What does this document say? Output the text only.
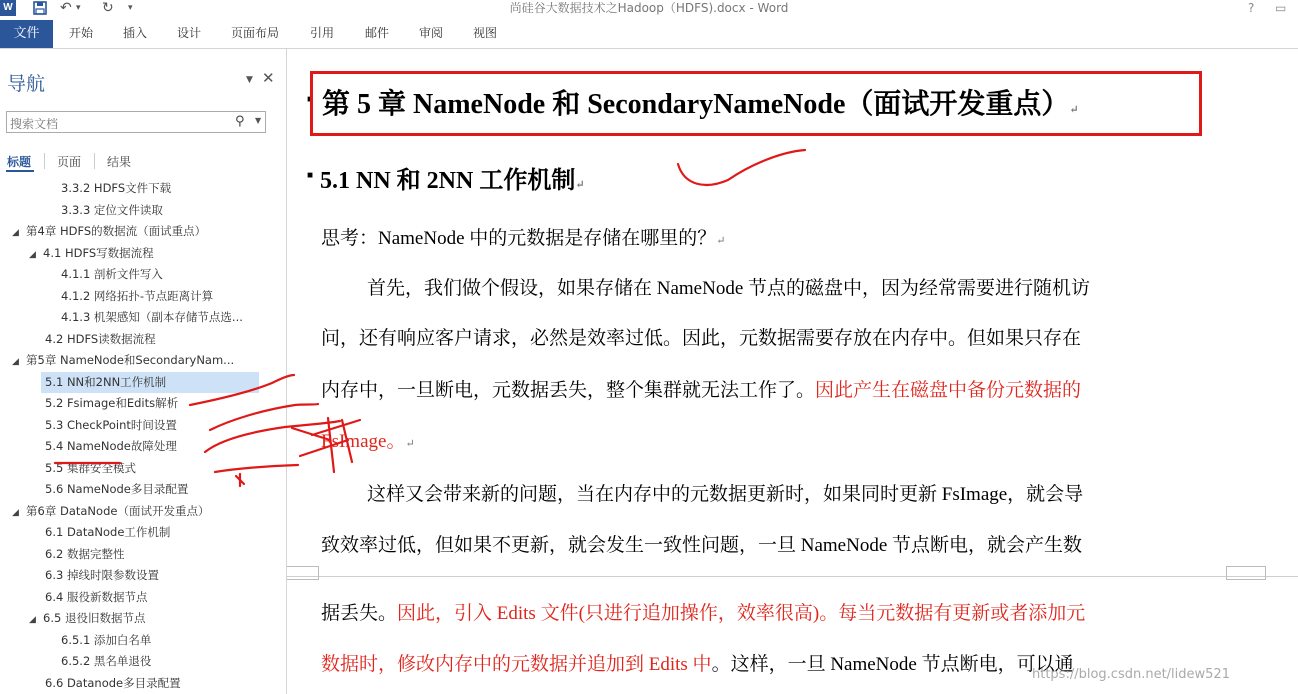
W	↶ ▾ ↻ ▾	尚硅谷大数据技术之Hadoop（HDFS).docx - Word	? ▭
文件	开始 插入 设计 页面布局	引用	邮件 审阅 视图
导航	▼ ✕
搜索文档	⚲ ▼
标题 页面 结果
3.3.2 HDFS文件下载
3.3.3 定位文件读取
◢ 第4章 HDFS的数据流（面试重点）
◢ 4.1 HDFS写数据流程
4.1.1 剖析文件写入
4.1.2 网络拓扑-节点距离计算
4.1.3 机架感知（副本存储节点选...
4.2 HDFS读数据流程
◢ 第5章 NameNode和SecondaryNam...
5.1 NN和2NN工作机制
5.2 Fsimage和Edits解析
5.3 CheckPoint时间设置
5.4 NameNode故障处理
5.5 集群安全模式
5.6 NameNode多目录配置
◢ 第6章 DataNode（面试开发重点）
6.1 DataNode工作机制
6.2 数据完整性
6.3 掉线时限参数设置
6.4 服役新数据节点
◢ 6.5 退役旧数据节点
6.5.1 添加白名单
6.5.2 黑名单退役
6.6 Datanode多目录配置
■ 第 5 章 NameNode 和 SecondaryNameNode（面试开发重点）↵
■ 5.1 NN 和 2NN 工作机制↵
思考：NameNode 中的元数据是存储在哪里的？↵
首先，我们做个假设，如果存储在 NameNode 节点的磁盘中，因为经常需要进行随机访
问，还有响应客户请求，必然是效率过低。因此，元数据需要存放在内存中。但如果只存在
内存中，一旦断电，元数据丢失，整个集群就无法工作了。因此产生在磁盘中备份元数据的
FsImage。↵
这样又会带来新的问题，当在内存中的元数据更新时，如果同时更新 FsImage，就会导
致效率过低，但如果不更新，就会发生一致性问题，一旦 NameNode 节点断电，就会产生数
据丢失。因此，引入 Edits 文件(只进行追加操作，效率很高)。每当元数据有更新或者添加元
数据时，修改内存中的元数据并追加到 Edits 中。这样，一旦 NameNode 节点断电，可以通
https://blog.csdn.net/lidew521
